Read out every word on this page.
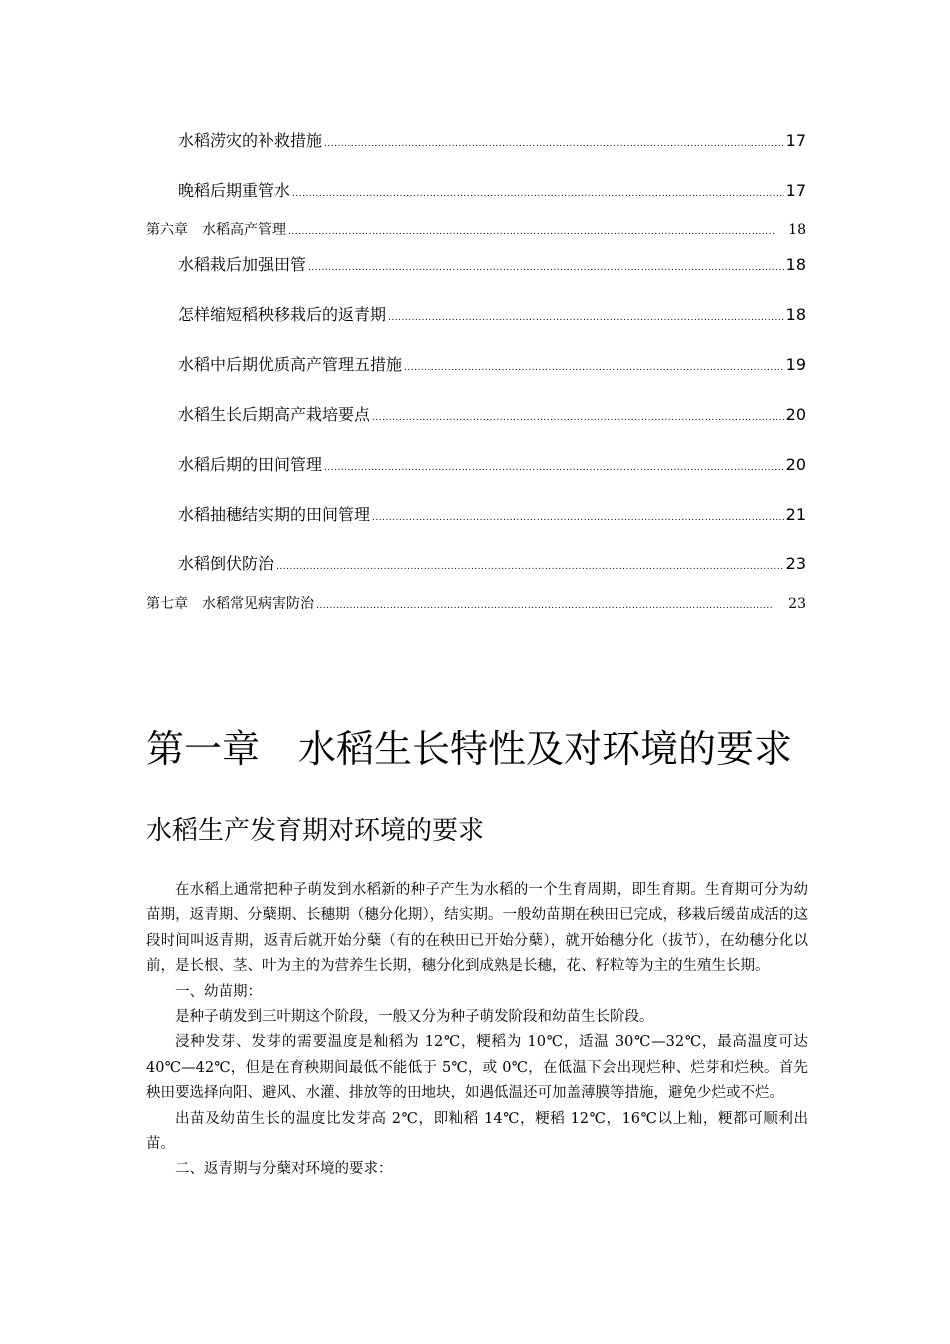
水稻涝灾的补救措施 .....	17
晚稻后期重管水 .....	17
第六章　水稻高产管理 .....	18
水稻栽后加强田管 .....	18
怎样缩短稻秧移栽后的返青期 .....	18
水稻中后期优质高产管理五措施 .....	19
水稻生长后期高产栽培要点 .....	20
水稻后期的田间管理 .....	20
水稻抽穗结实期的田间管理 .....	21
水稻倒伏防治 .....	23
第七章　水稻常见病害防治 .....	23
第一章　水稻生长特性及对环境的要求
水稻生产发育期对环境的要求

在水稻上通常把种子萌发到水稻新的种子产生为水稻的一个生育周期，即生育期。生育期可分为幼苗期，返青期、分蘖期、长穗期（穗分化期），结实期。一般幼苗期在秧田已完成，移栽后缓苗成活的这段时间叫返青期，返青后就开始分蘖（有的在秧田已开始分蘖），就开始穗分化（拔节），在幼穗分化以前，是长根、茎、叶为主的为营养生长期，穗分化到成熟是长穗，花、籽粒等为主的生殖生长期。

一、幼苗期：

是种子萌发到三叶期这个阶段，一般又分为种子萌发阶段和幼苗生长阶段。

浸种发芽、发芽的需要温度是籼稻为 12℃，粳稻为 10℃，适温 30℃—32℃，最高温度可达 40℃—42℃，但是在育秧期间最低不能低于 5℃，或 0℃，在低温下会出现烂种、烂芽和烂秧。首先秧田要选择向阳、避风、水灌、排放等的田地块，如遇低温还可加盖薄膜等措施，避免少烂或不烂。

出苗及幼苗生长的温度比发芽高 2℃，即籼稻 14℃，粳稻 12℃，16℃以上籼，粳都可顺利出苗。

二、返青期与分蘖对环境的要求：
